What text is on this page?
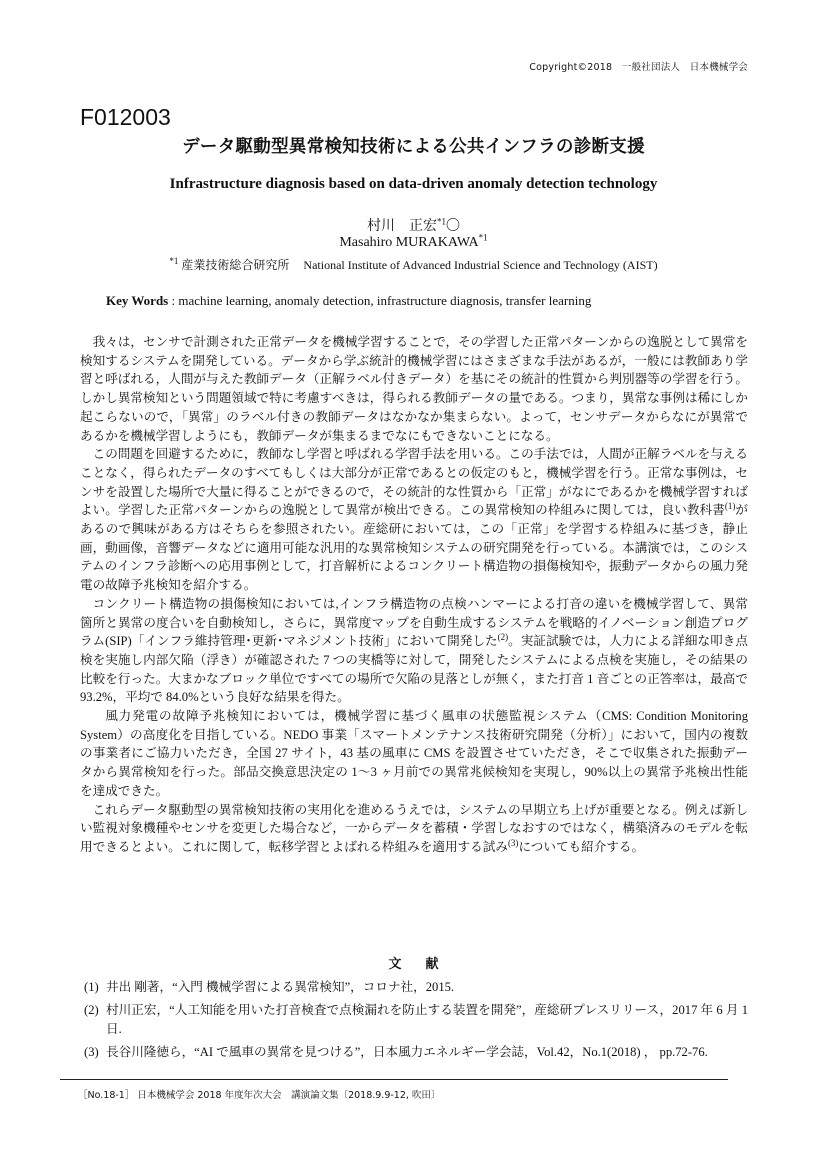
Copyright©2018　一般社団法人　日本機械学会
F012003
データ駆動型異常検知技術による公共インフラの診断支援
Infrastructure diagnosis based on data-driven anomaly detection technology
村川　正宏$^{*1}$〇
Masahiro MURAKAWA$^{*1}$
$^{*1}$ 産業技術総合研究所 National Institute of Advanced Industrial Science and Technology (AIST)
Key Words : machine learning, anomaly detection, infrastructure diagnosis, transfer learning

我々は，センサで計測された正常データを機械学習することで，その学習した正常パターンからの逸脱として異常を検知するシステムを開発している。データから学ぶ統計的機械学習にはさまざまな手法があるが，一般には教師あり学習と呼ばれる，人間が与えた教師データ（正解ラベル付きデータ）を基にその統計的性質から判別器等の学習を行う。しかし異常検知という問題領域で特に考慮すべきは，得られる教師データの量である。つまり，異常な事例は稀にしか起こらないので，「異常」のラベル付きの教師データはなかなか集まらない。よって，センサデータからなにが異常であるかを機械学習しようにも，教師データが集まるまでなにもできないことになる。

この問題を回避するために，教師なし学習と呼ばれる学習手法を用いる。この手法では，人間が正解ラベルを与えることなく，得られたデータのすべてもしくは大部分が正常であるとの仮定のもと，機械学習を行う。正常な事例は，センサを設置した場所で大量に得ることができるので，その統計的な性質から「正常」がなにであるかを機械学習すればよい。学習した正常パターンからの逸脱として異常が検出できる。この異常検知の枠組みに関しては，良い教科書$^{(1)}$があるので興味がある方はそちらを参照されたい。産総研においては，この「正常」を学習する枠組みに基づき，静止画，動画像，音響データなどに適用可能な汎用的な異常検知システムの研究開発を行っている。本講演では，このシステムのインフラ診断への応用事例として，打音解析によるコンクリート構造物の損傷検知や，振動データからの風力発電の故障予兆検知を紹介する。

コンクリート構造物の損傷検知においては,インフラ構造物の点検ハンマーによる打音の違いを機械学習して、異常箇所と異常の度合いを自動検知し，さらに，異常度マップを自動生成するシステムを戦略的イノベーション創造プログラム(SIP)「インフラ維持管理･更新･マネジメント技術」において開発した$^{(2)}$。実証試験では，人力による詳細な叩き点検を実施し内部欠陥（浮き）が確認された 7 つの実橋等に対して，開発したシステムによる点検を実施し，その結果の比較を行った。大まかなブロック単位ですべての場所で欠陥の見落としが無く，また打音 1 音ごとの正答率は，最高で 93.2%，平均で 84.0%という良好な結果を得た。

風力発電の故障予兆検知においては，機械学習に基づく風車の状態監視システム（CMS: Condition Monitoring System）の高度化を目指している。NEDO 事業「スマートメンテナンス技術研究開発（分析）」において，国内の複数の事業者にご協力いただき，全国 27 サイト，43 基の風車に CMS を設置させていただき，そこで収集された振動データから異常検知を行った。部品交換意思決定の 1〜3 ヶ月前での異常兆候検知を実現し，90%以上の異常予兆検出性能を達成できた。

これらデータ駆動型の異常検知技術の実用化を進めるうえでは，システムの早期立ち上げが重要となる。例えば新しい監視対象機種やセンサを変更した場合など，一からデータを蓄積・学習しなおすのではなく，構築済みのモデルを転用できるとよい。これに関して，転移学習とよばれる枠組みを適用する試み$^{(3)}$についても紹介する。

文献
(1) 井出 剛著，“入門 機械学習による異常検知”，コロナ社，2015.
(2) 村川正宏，“人工知能を用いた打音検査で点検漏れを防止する装置を開発”，産総研プレスリリース，2017 年 6 月 1 日.
(3) 長谷川隆徳ら，“AI で風車の異常を見つける”，日本風力エネルギー学会誌，Vol.42，No.1(2018) ， pp.72-76.
［No.18-1］ 日本機械学会 2018 年度年次大会　講演論文集〔2018.9.9-12, 吹田〕
